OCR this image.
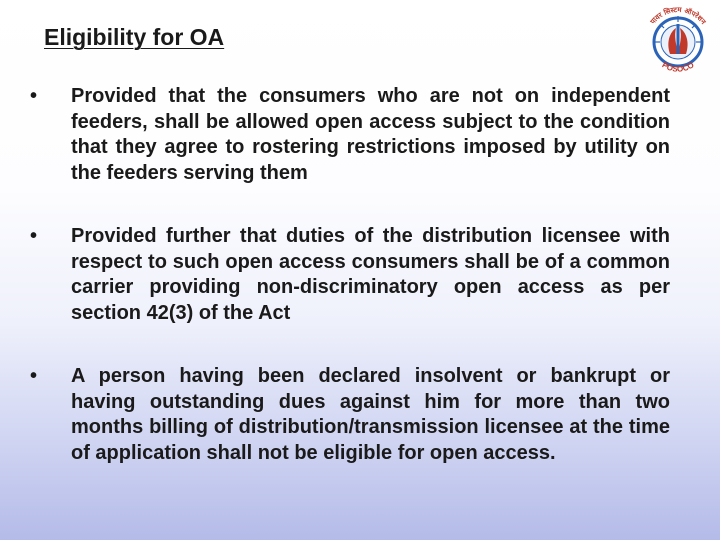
Eligibility for OA
पावर सिस्टम ऑपरेशन
POSOCO
• Provided that the consumers who are not on independent feeders, shall be allowed open access subject to the condition that they agree to rostering restrictions imposed by utility on the feeders serving them
• Provided further that duties of the distribution licensee with respect to such open access consumers shall be of a common carrier providing non-discriminatory open access as per section 42(3) of the Act
• A person having been declared insolvent or bankrupt or having outstanding dues against him for more than two months billing of distribution/transmission licensee at the time of application shall not be eligible for open access.
